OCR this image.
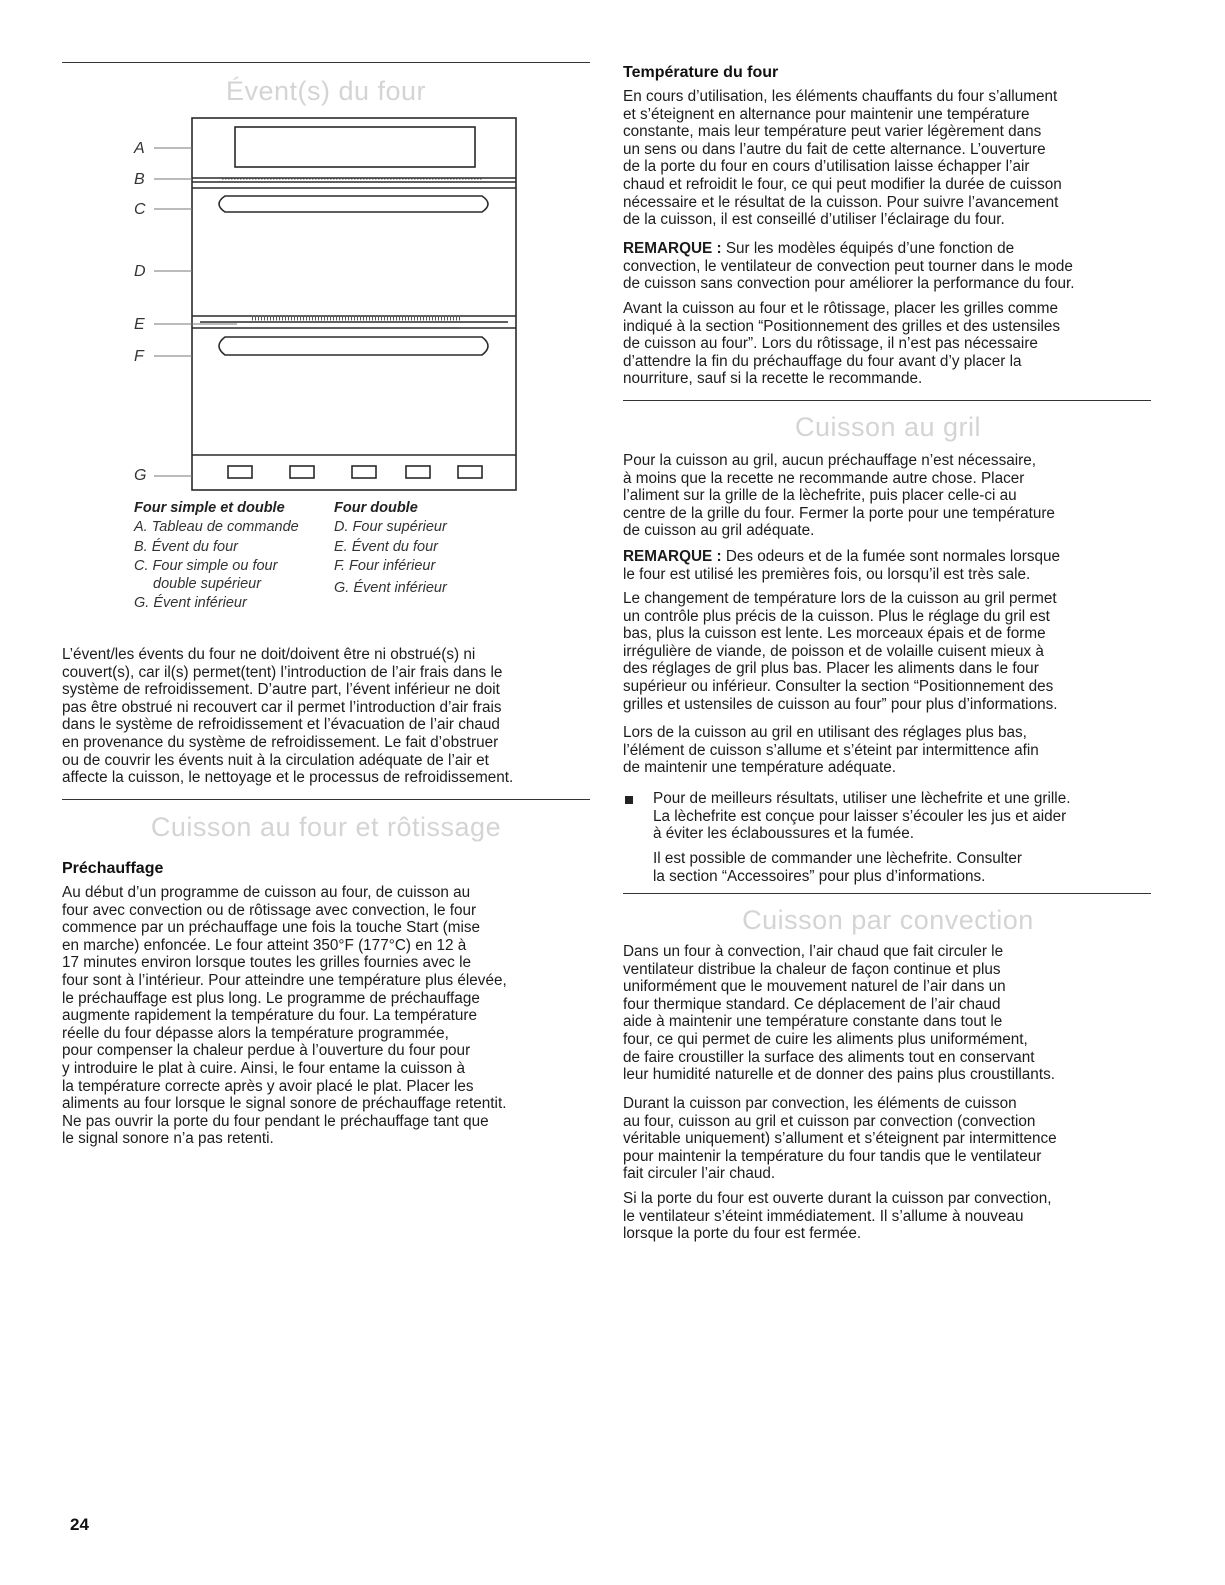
Évent(s) du four
A
B
C
D
E
F
G
Four simple et double
A. Tableau de commande
B. Évent du four
C. Four simple ou four
double supérieur
G. Évent inférieur
Four double
D. Four supérieur
E. Évent du four
F. Four inférieur
G. Évent inférieur
L’évent/les évents du four ne doit/doivent être ni obstrué(s) ni
couvert(s), car il(s) permet(tent) l’introduction de l’air frais dans le
système de refroidissement. D’autre part, l’évent inférieur ne doit
pas être obstrué ni recouvert car il permet l’introduction d’air frais
dans le système de refroidissement et l’évacuation de l’air chaud
en provenance du système de refroidissement. Le fait d’obstruer
ou de couvrir les évents nuit à la circulation adéquate de l’air et
affecte la cuisson, le nettoyage et le processus de refroidissement.
Cuisson au four et rôtissage
Préchauffage
Au début d’un programme de cuisson au four, de cuisson au
four avec convection ou de rôtissage avec convection, le four
commence par un préchauffage une fois la touche Start (mise
en marche) enfoncée. Le four atteint 350°F (177°C) en 12 à
17 minutes environ lorsque toutes les grilles fournies avec le
four sont à l’intérieur. Pour atteindre une température plus élevée,
le préchauffage est plus long. Le programme de préchauffage
augmente rapidement la température du four. La température
réelle du four dépasse alors la température programmée,
pour compenser la chaleur perdue à l’ouverture du four pour
y introduire le plat à cuire. Ainsi, le four entame la cuisson à
la température correcte après y avoir placé le plat. Placer les
aliments au four lorsque le signal sonore de préchauffage retentit.
Ne pas ouvrir la porte du four pendant le préchauffage tant que
le signal sonore n’a pas retenti.
Température du four
En cours d’utilisation, les éléments chauffants du four s’allument
et s’éteignent en alternance pour maintenir une température
constante, mais leur température peut varier légèrement dans
un sens ou dans l’autre du fait de cette alternance. L’ouverture
de la porte du four en cours d’utilisation laisse échapper l’air
chaud et refroidit le four, ce qui peut modifier la durée de cuisson
nécessaire et le résultat de la cuisson. Pour suivre l’avancement
de la cuisson, il est conseillé d’utiliser l’éclairage du four.
REMARQUE : Sur les modèles équipés d’une fonction de
convection, le ventilateur de convection peut tourner dans le mode
de cuisson sans convection pour améliorer la performance du four.
Avant la cuisson au four et le rôtissage, placer les grilles comme
indiqué à la section “Positionnement des grilles et des ustensiles
de cuisson au four”. Lors du rôtissage, il n’est pas nécessaire
d’attendre la fin du préchauffage du four avant d’y placer la
nourriture, sauf si la recette le recommande.
Cuisson au gril
Pour la cuisson au gril, aucun préchauffage n’est nécessaire,
à moins que la recette ne recommande autre chose. Placer
l’aliment sur la grille de la lèchefrite, puis placer celle-ci au
centre de la grille du four. Fermer la porte pour une température
de cuisson au gril adéquate.
REMARQUE : Des odeurs et de la fumée sont normales lorsque
le four est utilisé les premières fois, ou lorsqu’il est très sale.
Le changement de température lors de la cuisson au gril permet
un contrôle plus précis de la cuisson. Plus le réglage du gril est
bas, plus la cuisson est lente. Les morceaux épais et de forme
irrégulière de viande, de poisson et de volaille cuisent mieux à
des réglages de gril plus bas. Placer les aliments dans le four
supérieur ou inférieur. Consulter la section “Positionnement des
grilles et ustensiles de cuisson au four” pour plus d’informations.
Lors de la cuisson au gril en utilisant des réglages plus bas,
l’élément de cuisson s’allume et s’éteint par intermittence afin
de maintenir une température adéquate.
Pour de meilleurs résultats, utiliser une lèchefrite et une grille.
La lèchefrite est conçue pour laisser s’écouler les jus et aider
à éviter les éclaboussures et la fumée.
Il est possible de commander une lèchefrite. Consulter
la section “Accessoires” pour plus d’informations.
Cuisson par convection
Dans un four à convection, l’air chaud que fait circuler le
ventilateur distribue la chaleur de façon continue et plus
uniformément que le mouvement naturel de l’air dans un
four thermique standard. Ce déplacement de l’air chaud
aide à maintenir une température constante dans tout le
four, ce qui permet de cuire les aliments plus uniformément,
de faire croustiller la surface des aliments tout en conservant
leur humidité naturelle et de donner des pains plus croustillants.
Durant la cuisson par convection, les éléments de cuisson
au four, cuisson au gril et cuisson par convection (convection
véritable uniquement) s’allument et s’éteignent par intermittence
pour maintenir la température du four tandis que le ventilateur
fait circuler l’air chaud.
Si la porte du four est ouverte durant la cuisson par convection,
le ventilateur s’éteint immédiatement. Il s’allume à nouveau
lorsque la porte du four est fermée.
24
